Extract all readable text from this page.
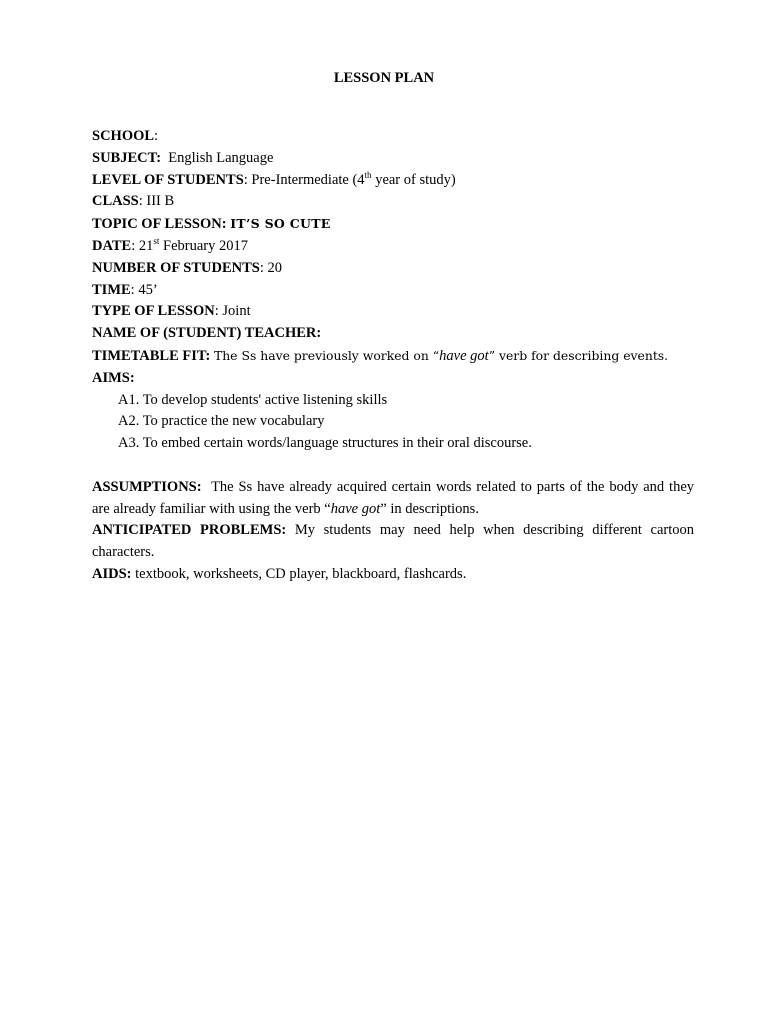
LESSON PLAN
SCHOOL:
SUBJECT: English Language
LEVEL OF STUDENTS: Pre-Intermediate (4th year of study)
CLASS: III B
TOPIC OF LESSON: IT’S SO CUTE
DATE: 21st February 2017
NUMBER OF STUDENTS: 20
TIME: 45’
TYPE OF LESSON: Joint
NAME OF (STUDENT) TEACHER:
TIMETABLE FIT: The Ss have previously worked on “have got” verb for describing events.
AIMS:
A1. To develop students' active listening skills
A2. To practice the new vocabulary
A3. To embed certain words/language structures in their oral discourse.
ASSUMPTIONS: The Ss have already acquired certain words related to parts of the body and they are already familiar with using the verb “have got” in descriptions.
ANTICIPATED PROBLEMS: My students may need help when describing different cartoon characters.
AIDS: textbook, worksheets, CD player, blackboard, flashcards.
